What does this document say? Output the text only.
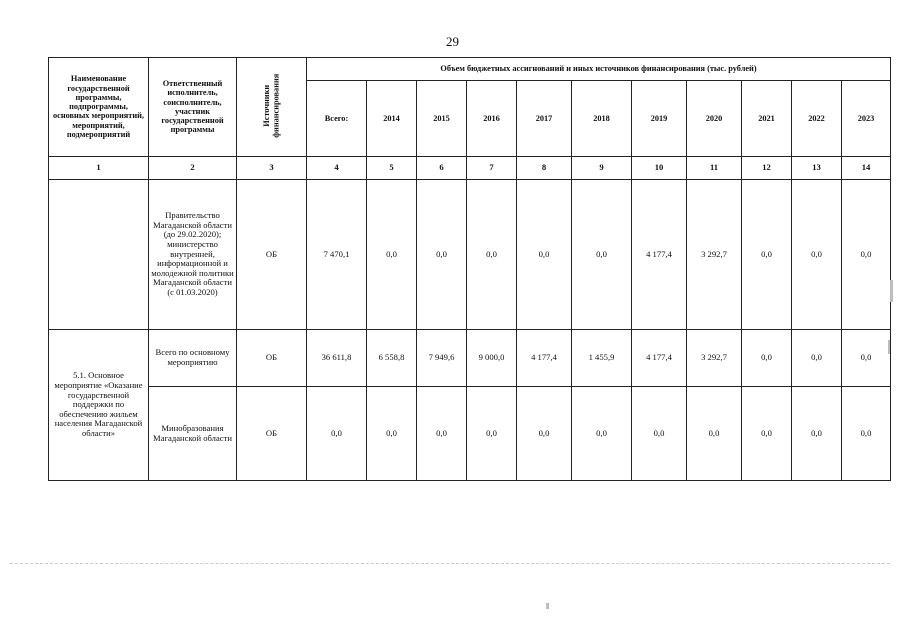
29
Наименование государственной программы, подпрограммы, основных мероприятий, мероприятий, подмероприятий	Ответственный исполнитель, соисполнитель, участник государственной программы	Источники финансирования	Объем бюджетных ассигнований и иных источников финансирования (тыс. рублей)										
			Всего:	2014	2015	2016	2017	2018	2019	2020	2021	2022	2023
1	2	3	4	5	6	7	8	9	10	11	12	13	14
	Правительство Магаданской области (до 29.02.2020); министерство внутренней, информационной и молодежной политики Магаданской области (с 01.03.2020)	ОБ	7 470,1	0,0	0,0	0,0	0,0	0,0	4 177,4	3 292,7	0,0	0,0	0,0
5.1. Основное мероприятие «Оказание государственной поддержки по обеспечению жильем населения Магаданской области»	Всего по основному мероприятию	ОБ	36 611,8	6 558,8	7 949,6	9 000,0	4 177,4	1 455,9	4 177,4	3 292,7	0,0	0,0	0,0
	Минобразования Магаданской области	ОБ	0,0	0,0	0,0	0,0	0,0	0,0	0,0	0,0	0,0	0,0	0,0
